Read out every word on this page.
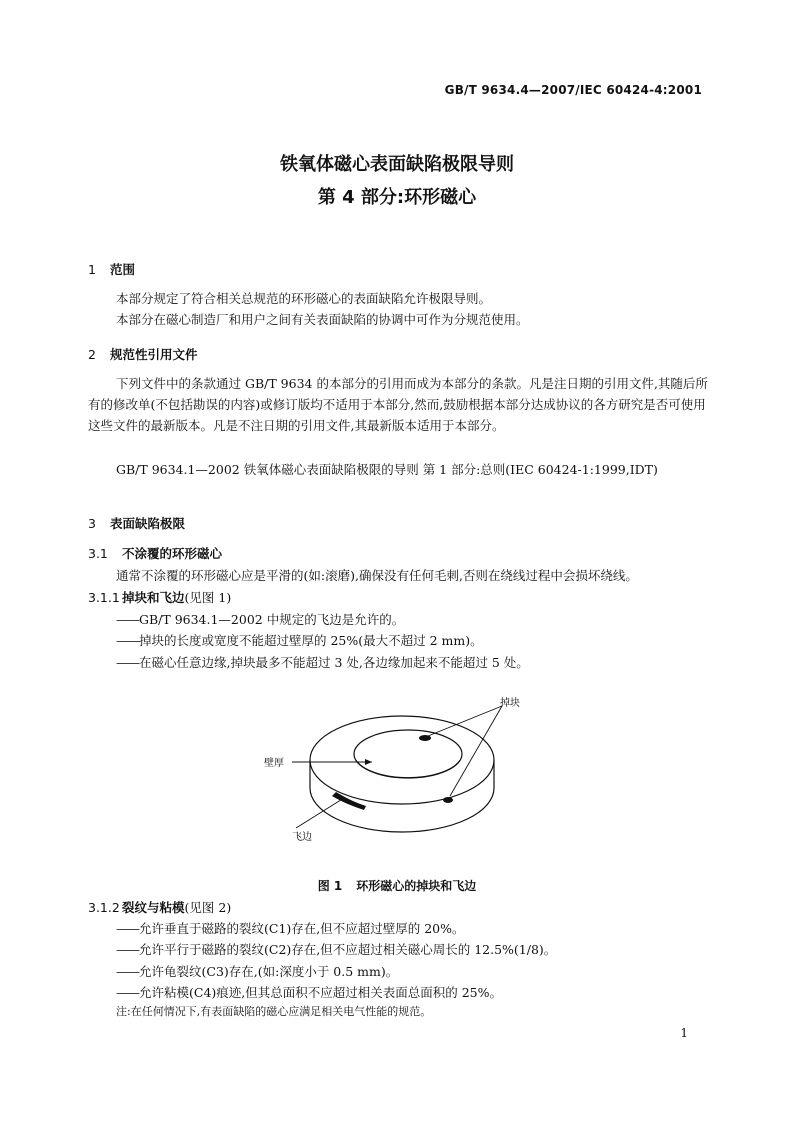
GB/T 9634.4—2007/IEC 60424-4:2001
铁氧体磁心表面缺陷极限导则
第 4 部分:环形磁心
1 范围
本部分规定了符合相关总规范的环形磁心的表面缺陷允许极限导则。
本部分在磁心制造厂和用户之间有关表面缺陷的协调中可作为分规范使用。
2 规范性引用文件
下列文件中的条款通过 GB/T 9634 的本部分的引用而成为本部分的条款。凡是注日期的引用文件,其随后所有的修改单(不包括勘误的内容)或修订版均不适用于本部分,然而,鼓励根据本部分达成协议的各方研究是否可使用这些文件的最新版本。凡是不注日期的引用文件,其最新版本适用于本部分。
GB/T 9634.1—2002 铁氧体磁心表面缺陷极限的导则 第 1 部分:总则(IEC 60424-1:1999,IDT)
3 表面缺陷极限
3.1 不涂覆的环形磁心
通常不涂覆的环形磁心应是平滑的(如:滚磨),确保没有任何毛刺,否则在绕线过程中会损坏绕线。
3.1.1 掉块和飞边(见图 1)
——GB/T 9634.1—2002 中规定的飞边是允许的。
——掉块的长度或宽度不能超过壁厚的 25%(最大不超过 2 mm)。
——在磁心任意边缘,掉块最多不能超过 3 处,各边缘加起来不能超过 5 处。
掉块
壁厚
飞边
图 1 环形磁心的掉块和飞边
3.1.2 裂纹与粘模(见图 2)
——允许垂直于磁路的裂纹(C1)存在,但不应超过壁厚的 20%。
——允许平行于磁路的裂纹(C2)存在,但不应超过相关磁心周长的 12.5%(1/8)。
——允许龟裂纹(C3)存在,(如:深度小于 0.5 mm)。
——允许粘模(C4)痕迹,但其总面积不应超过相关表面总面积的 25%。
注:在任何情况下,有表面缺陷的磁心应满足相关电气性能的规范。
1
